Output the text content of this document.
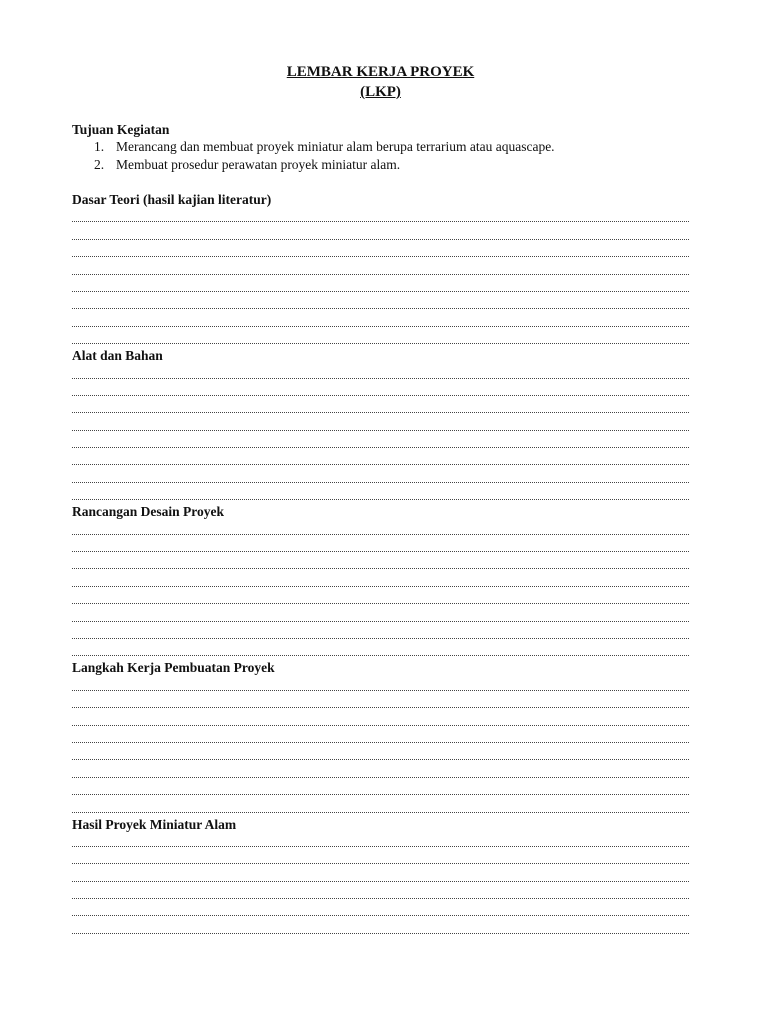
LEMBAR KERJA PROYEK

(LKP)

Tujuan Kegiatan

1. Merancang dan membuat proyek miniatur alam berupa terrarium atau aquascape.
2. Membuat prosedur perawatan proyek miniatur alam.

Dasar Teori (hasil kajian literatur)

Alat dan Bahan

Rancangan Desain Proyek

Langkah Kerja Pembuatan Proyek

Hasil Proyek Miniatur Alam
